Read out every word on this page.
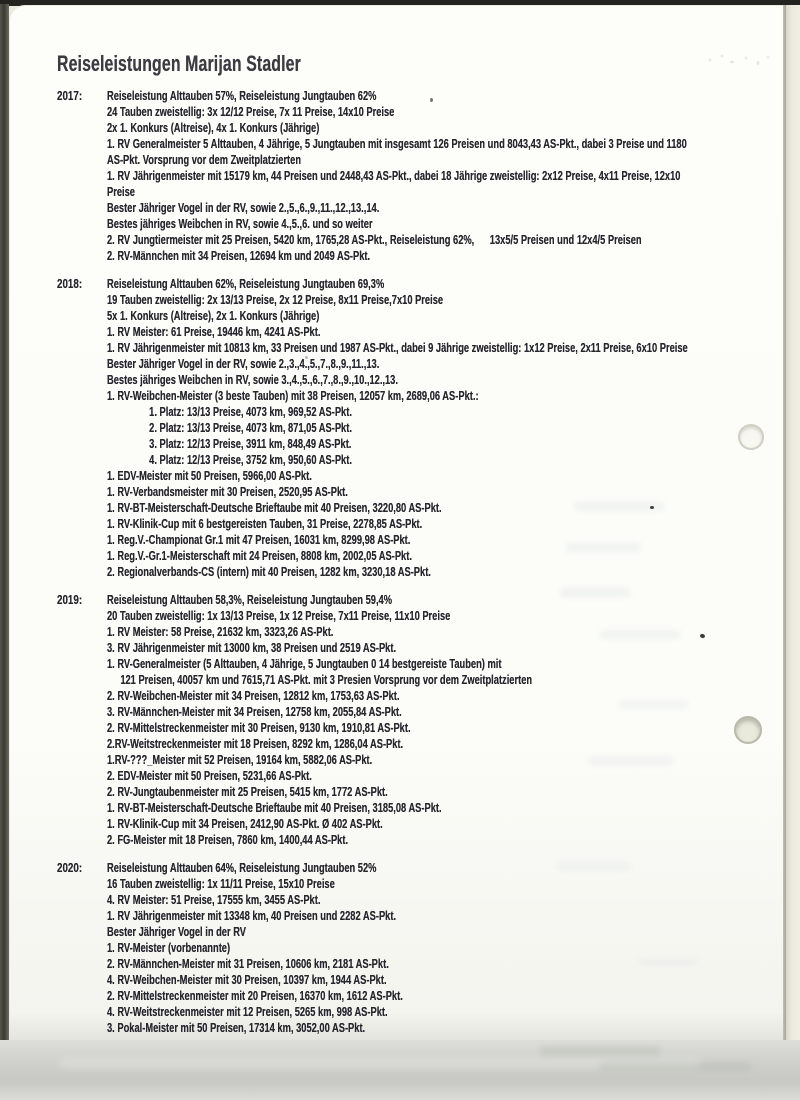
Reiseleistungen Marijan Stadler
2017:	Reiseleistung Alttauben 57%, Reiseleistung Jungtauben 62%
24 Tauben zweistellig: 3x 12/12 Preise, 7x 11 Preise, 14x10 Preise
2x 1. Konkurs (Altreise), 4x 1. Konkurs (Jährige)
1. RV Generalmeister 5 Alttauben, 4 Jährige, 5 Jungtauben mit insgesamt 126 Preisen und 8043,43 AS-Pkt., dabei 3 Preise und 1180
AS-Pkt. Vorsprung vor dem Zweitplatzierten
1. RV Jährigenmeister mit 15179 km, 44 Preisen und 2448,43 AS-Pkt., dabei 18 Jährige zweistellig: 2x12 Preise, 4x11 Preise, 12x10
Preise
Bester Jähriger Vogel in der RV, sowie 2.,5.,6.,9.,11.,12.,13.,14.
Bestes jähriges Weibchen in RV, sowie 4.,5.,6. und so weiter
2. RV Jungtiermeister mit 25 Preisen, 5420 km, 1765,28 AS-Pkt., Reiseleistung 62%,      13x5/5 Preisen und 12x4/5 Preisen
2. RV-Männchen mit 34 Preisen, 12694 km und 2049 AS-Pkt.
2018:	Reiseleistung Alttauben 62%, Reiseleistung Jungtauben 69,3%
19 Tauben zweistellig: 2x 13/13 Preise, 2x 12 Preise, 8x11 Preise,7x10 Preise
5x 1. Konkurs (Altreise), 2x 1. Konkurs (Jährige)
1. RV Meister: 61 Preise, 19446 km, 4241 AS-Pkt.
1. RV Jährigenmeister mit 10813 km, 33 Preisen und 1987 AS-Pkt., dabei 9 Jährige zweistellig: 1x12 Preise, 2x11 Preise, 6x10 Preise
Bester Jähriger Vogel in der RV, sowie 2.,3.,4.,5.,7.,8.,9.,11.,13.
Bestes jähriges Weibchen in RV, sowie 3.,4.,5.,6.,7.,8.,9.,10.,12.,13.
1. RV-Weibchen-Meister (3 beste Tauben) mit 38 Preisen, 12057 km, 2689,06 AS-Pkt.:
1. Platz: 13/13 Preise, 4073 km, 969,52 AS-Pkt.
2. Platz: 13/13 Preise, 4073 km, 871,05 AS-Pkt.
3. Platz: 12/13 Preise, 3911 km, 848,49 AS-Pkt.
4. Platz: 12/13 Preise, 3752 km, 950,60 AS-Pkt.
1. EDV-Meister mit 50 Preisen, 5966,00 AS-Pkt.
1. RV-Verbandsmeister mit 30 Preisen, 2520,95 AS-Pkt.
1. RV-BT-Meisterschaft-Deutsche Brieftaube mit 40 Preisen, 3220,80 AS-Pkt.
1. RV-Klinik-Cup mit 6 bestgereisten Tauben, 31 Preise, 2278,85 AS-Pkt.
1. Reg.V.-Championat Gr.1 mit 47 Preisen, 16031 km, 8299,98 AS-Pkt.
1. Reg.V.-Gr.1-Meisterschaft mit 24 Preisen, 8808 km, 2002,05 AS-Pkt.
2. Regionalverbands-CS (intern) mit 40 Preisen, 1282 km, 3230,18 AS-Pkt.
2019:	Reiseleistung Alttauben 58,3%, Reiseleistung Jungtauben 59,4%
20 Tauben zweistellig: 1x 13/13 Preise, 1x 12 Preise, 7x11 Preise, 11x10 Preise
1. RV Meister: 58 Preise, 21632 km, 3323,26 AS-Pkt.
3. RV Jährigenmeister mit 13000 km, 38 Preisen und 2519 AS-Pkt.
1. RV-Generalmeister (5 Alttauben, 4 Jährige, 5 Jungtauben 0 14 bestgereiste Tauben) mit
121 Preisen, 40057 km und 7615,71 AS-Pkt. mit 3 Presien Vorsprung vor dem Zweitplatzierten
2. RV-Weibchen-Meister mit 34 Preisen, 12812 km, 1753,63 AS-Pkt.
3. RV-Männchen-Meister mit 34 Preisen, 12758 km, 2055,84 AS-Pkt.
2. RV-Mittelstreckenmeister mit 30 Preisen, 9130 km, 1910,81 AS-Pkt.
2.RV-Weitstreckenmeister mit 18 Preisen, 8292 km, 1286,04 AS-Pkt.
1.RV-???_Meister mit 52 Preisen, 19164 km, 5882,06 AS-Pkt.
2. EDV-Meister mit 50 Preisen, 5231,66 AS-Pkt.
2. RV-Jungtaubenmeister mit 25 Preisen, 5415 km, 1772 AS-Pkt.
1. RV-BT-Meisterschaft-Deutsche Brieftaube mit 40 Preisen, 3185,08 AS-Pkt.
1. RV-Klinik-Cup mit 34 Preisen, 2412,90 AS-Pkt. Ø 402 AS-Pkt.
2. FG-Meister mit 18 Preisen, 7860 km, 1400,44 AS-Pkt.
2020:	Reiseleistung Alttauben 64%, Reiseleistung Jungtauben 52%
16 Tauben zweistellig: 1x 11/11 Preise, 15x10 Preise
4. RV Meister: 51 Preise, 17555 km, 3455 AS-Pkt.
1. RV Jährigenmeister mit 13348 km, 40 Preisen und 2282 AS-Pkt.
Bester Jähriger Vogel in der RV
1. RV-Meister (vorbenannte)
2. RV-Männchen-Meister mit 31 Preisen, 10606 km, 2181 AS-Pkt.
4. RV-Weibchen-Meister mit 30 Preisen, 10397 km, 1944 AS-Pkt.
2. RV-Mittelstreckenmeister mit 20 Preisen, 16370 km, 1612 AS-Pkt.
4. RV-Weitstreckenmeister mit 12 Preisen, 5265 km, 998 AS-Pkt.
3. Pokal-Meister mit 50 Preisen, 17314 km, 3052,00 AS-Pkt.
